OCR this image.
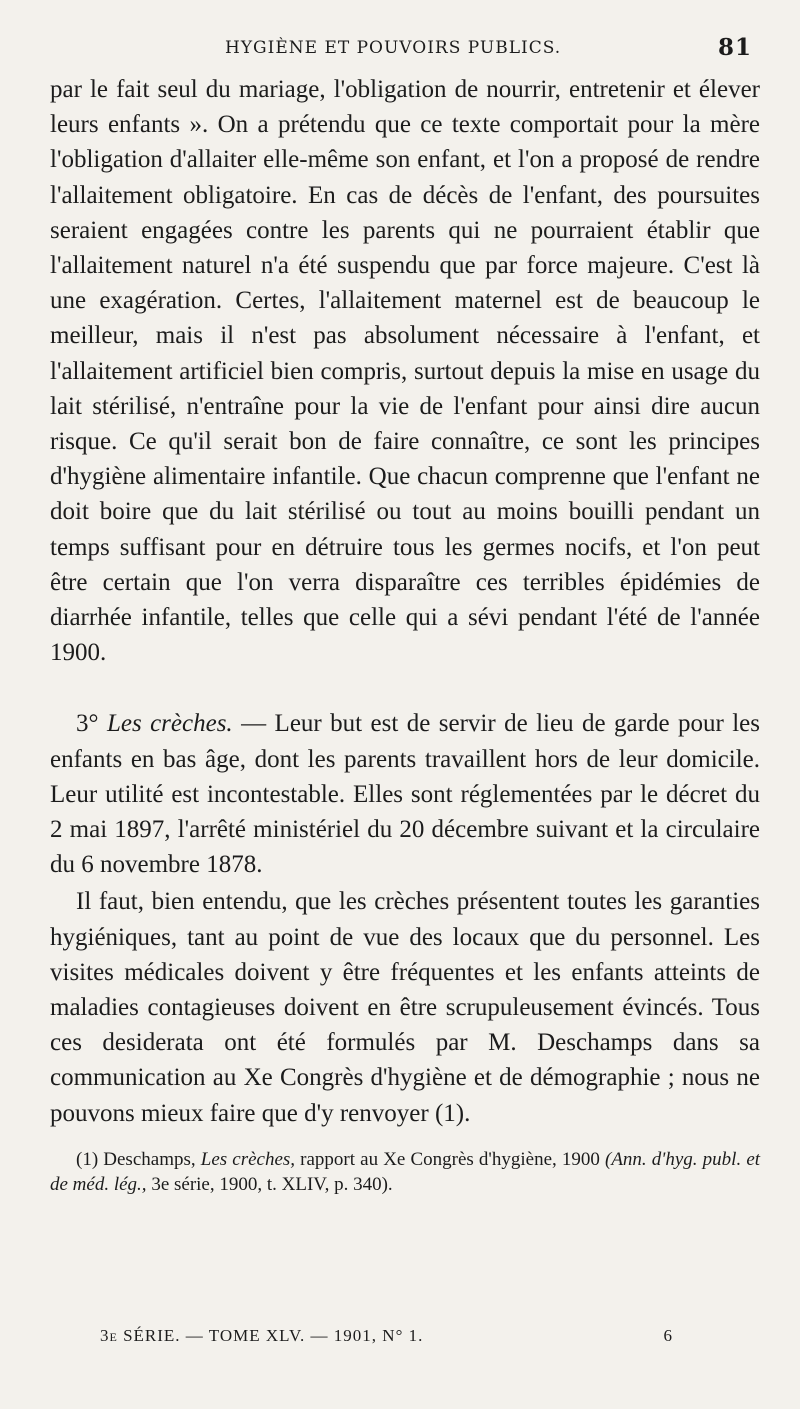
HYGIÈNE ET POUVOIRS PUBLICS.	81

par le fait seul du mariage, l'obligation de nourrir, entretenir et élever leurs enfants ». On a prétendu que ce texte comportait pour la mère l'obligation d'allaiter elle-même son enfant, et l'on a proposé de rendre l'allaitement obligatoire. En cas de décès de l'enfant, des poursuites seraient engagées contre les parents qui ne pourraient établir que l'allaitement naturel n'a été suspendu que par force majeure. C'est là une exagération. Certes, l'allaitement maternel est de beaucoup le meilleur, mais il n'est pas absolument nécessaire à l'enfant, et l'allaitement artificiel bien compris, surtout depuis la mise en usage du lait stérilisé, n'entraîne pour la vie de l'enfant pour ainsi dire aucun risque. Ce qu'il serait bon de faire connaître, ce sont les principes d'hygiène alimentaire infantile. Que chacun comprenne que l'enfant ne doit boire que du lait stérilisé ou tout au moins bouilli pendant un temps suffisant pour en détruire tous les germes nocifs, et l'on peut être certain que l'on verra disparaître ces terribles épidémies de diarrhée infantile, telles que celle qui a sévi pendant l'été de l'année 1900.

3° Les crèches. — Leur but est de servir de lieu de garde pour les enfants en bas âge, dont les parents travaillent hors de leur domicile. Leur utilité est incontestable. Elles sont réglementées par le décret du 2 mai 1897, l'arrêté ministériel du 20 décembre suivant et la circulaire du 6 novembre 1878.

Il faut, bien entendu, que les crèches présentent toutes les garanties hygiéniques, tant au point de vue des locaux que du personnel. Les visites médicales doivent y être fréquentes et les enfants atteints de maladies contagieuses doivent en être scrupuleusement évincés. Tous ces desiderata ont été formulés par M. Deschamps dans sa communication au Xe Congrès d'hygiène et de démographie ; nous ne pouvons mieux faire que d'y renvoyer (1).

(1) Deschamps, Les crèches, rapport au Xe Congrès d'hygiène, 1900 (Ann. d'hyg. publ. et de méd. lég., 3e série, 1900, t. XLIV, p. 340).

3e SÉRIE. — TOME XLV. — 1901, N° 1.	6
